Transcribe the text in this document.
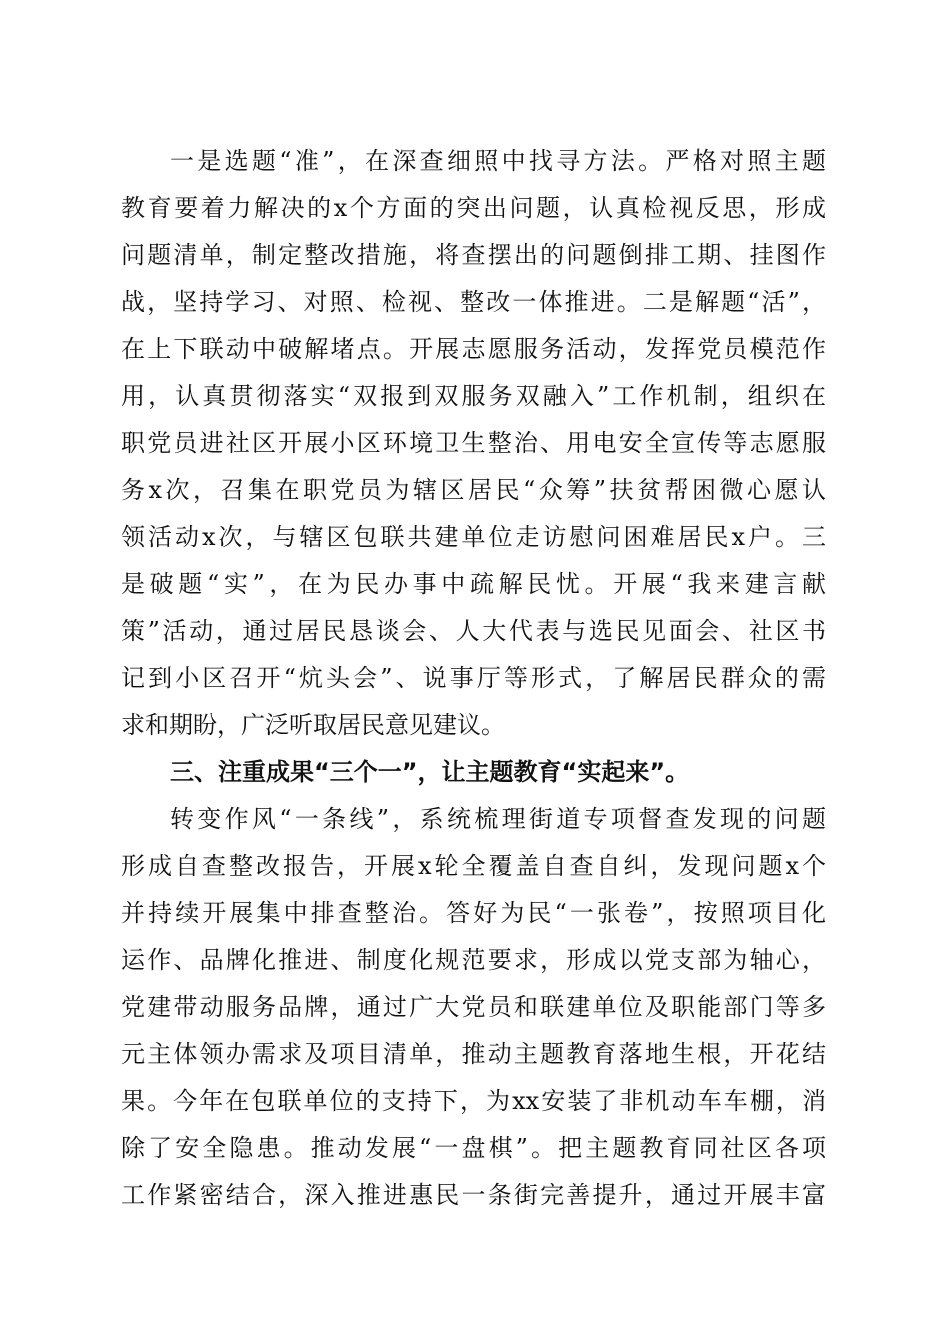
一是选题“准”，在深查细照中找寻方法。严格对照主题
教育要着力解决的x个方面的突出问题，认真检视反思，形成
问题清单，制定整改措施，将查摆出的问题倒排工期、挂图作
战，坚持学习、对照、检视、整改一体推进。二是解题“活”，
在上下联动中破解堵点。开展志愿服务活动，发挥党员模范作
用，认真贯彻落实“双报到双服务双融入”工作机制，组织在
职党员进社区开展小区环境卫生整治、用电安全宣传等志愿服
务x次，召集在职党员为辖区居民“众筹”扶贫帮困微心愿认
领活动x次，与辖区包联共建单位走访慰问困难居民x户。三
是破题“实”，在为民办事中疏解民忧。开展“我来建言献
策”活动，通过居民恳谈会、人大代表与选民见面会、社区书
记到小区召开“炕头会”、说事厅等形式，了解居民群众的需
求和期盼，广泛听取居民意见建议。
三、注重成果“三个一”，让主题教育“实起来”。
转变作风“一条线”，系统梳理街道专项督查发现的问题
形成自查整改报告，开展x轮全覆盖自查自纠，发现问题x个
并持续开展集中排查整治。答好为民“一张卷”，按照项目化
运作、品牌化推进、制度化规范要求，形成以党支部为轴心，
党建带动服务品牌，通过广大党员和联建单位及职能部门等多
元主体领办需求及项目清单，推动主题教育落地生根，开花结
果。今年在包联单位的支持下，为xx安装了非机动车车棚，消
除了安全隐患。推动发展“一盘棋”。把主题教育同社区各项
工作紧密结合，深入推进惠民一条街完善提升，通过开展丰富
